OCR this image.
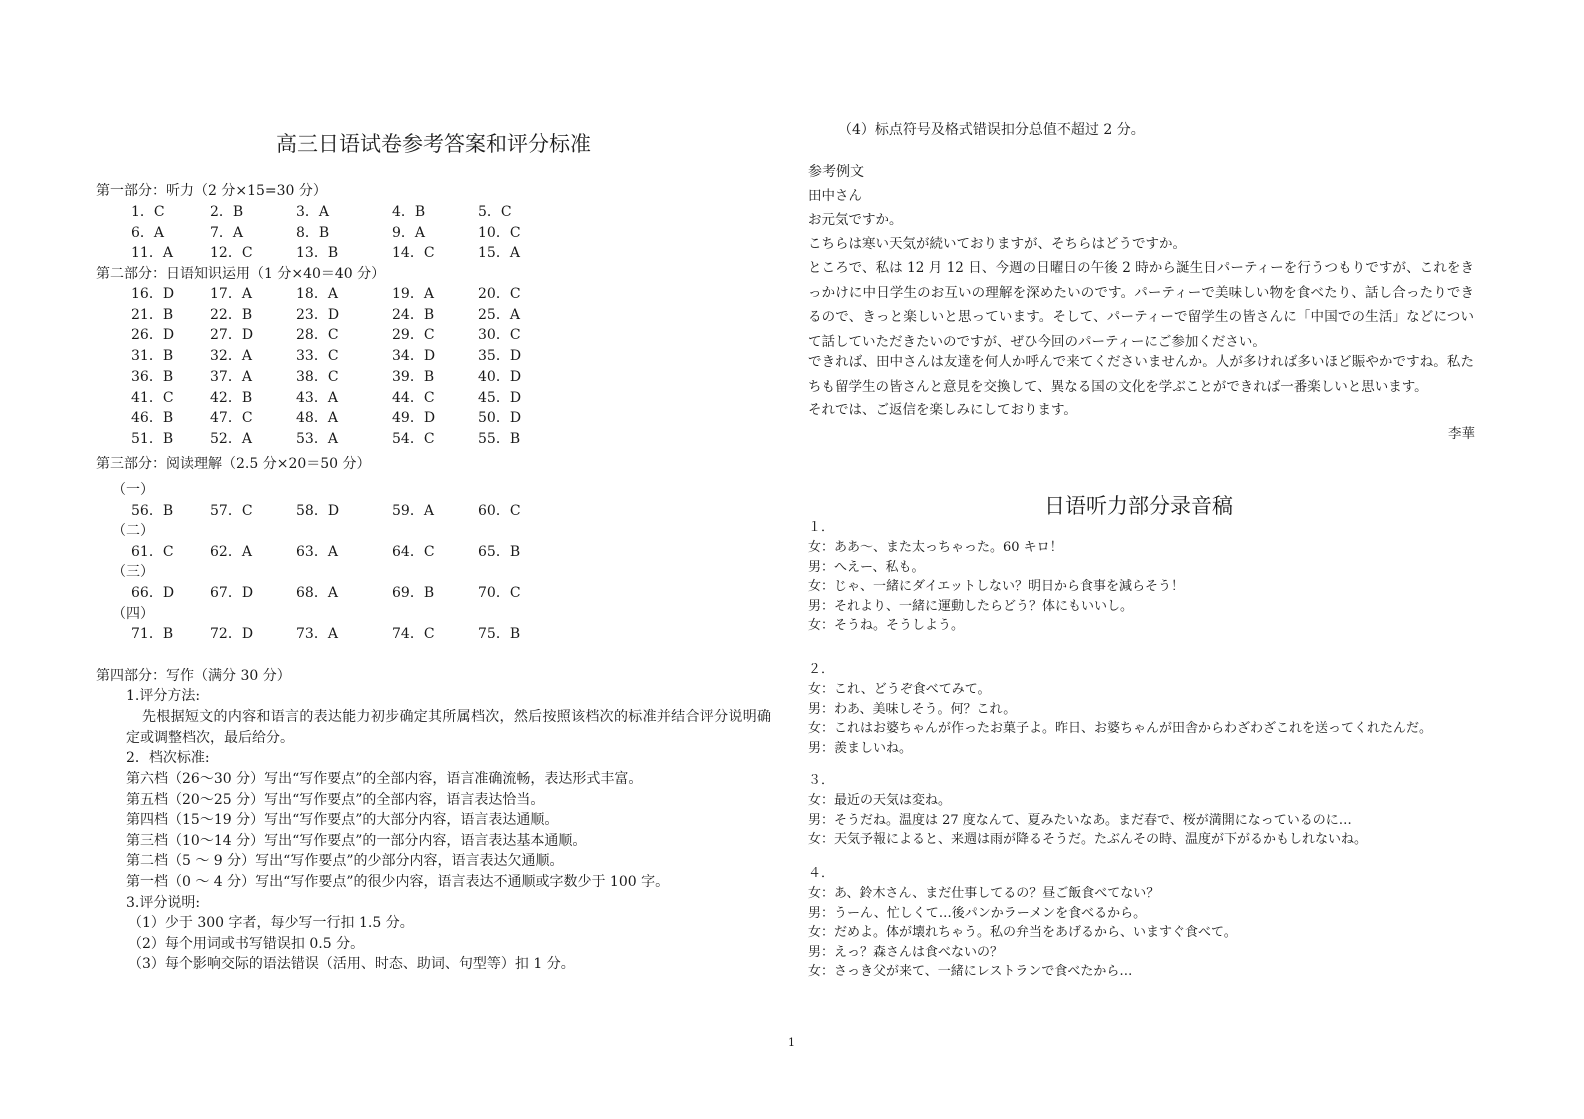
高三日语试卷参考答案和评分标准
第一部分：听力（2 分×15=30 分）
1．C	2．B	3．A	4．B	5．C
6．A	7．A	8．B	9．A	10．C
11．A	12．C	13．B	14．C	15．A
第二部分：日语知识运用（1 分×40＝40 分）
16．D	17．A	18．A	19．A	20．C
21．B	22．B	23．D	24．B	25．A
26．D	27．D	28．C	29．C	30．C
31．B	32．A	33．C	34．D	35．D
36．B	37．A	38．C	39．B	40．D
41．C	42．B	43．A	44．C	45．D
46．B	47．C	48．A	49．D	50．D
51．B	52．A	53．A	54．C	55．B
第三部分：阅读理解（2.5 分×20＝50 分）
（一）
56．B	57．C	58．D	59．A	60．C
（二）
61．C	62．A	63．A	64．C	65．B
（三）
66．D	67．D	68．A	69．B	70．C
（四）
71．B	72．D	73．A	74．C	75．B
第四部分：写作（满分 30 分）
1.评分方法:
先根据短文的内容和语言的表达能力初步确定其所属档次，然后按照该档次的标准并结合评分说明确定或调整档次，最后给分。
2．档次标准:
第六档（26～30 分）写出“写作要点”的全部内容，语言准确流畅，表达形式丰富。
第五档（20～25 分）写出“写作要点”的全部内容，语言表达恰当。
第四档（15～19 分）写出“写作要点”的大部分内容，语言表达通顺。
第三档（10～14 分）写出“写作要点”的一部分内容，语言表达基本通顺。
第二档（5 ～ 9 分）写出“写作要点”的少部分内容，语言表达欠通顺。
第一档（0 ～ 4 分）写出“写作要点”的很少内容，语言表达不通顺或字数少于 100 字。
3.评分说明:
（1）少于 300 字者，每少写一行扣 1.5 分。
（2）每个用词或书写错误扣 0.5 分。
（3）每个影响交际的语法错误（活用、时态、助词、句型等）扣 1 分。
（4）标点符号及格式错误扣分总值不超过 2 分。
参考例文
田中さん
お元気ですか。
こちらは寒い天気が続いておりますが、そちらはどうですか。
ところで、私は 12 月 12 日、今週の日曜日の午後 2 時から誕生日パーティーを行うつもりですが、これをきっかけに中日学生のお互いの理解を深めたいのです。パーティーで美味しい物を食べたり、話し合ったりできるので、きっと楽しいと思っています。そして、パーティーで留学生の皆さんに「中国での生活」などについて話していただきたいのですが、ぜひ今回のパーティーにご参加ください。
できれば、田中さんは友達を何人か呼んで来てくださいませんか。人が多ければ多いほど賑やかですね。私たちも留学生の皆さんと意見を交換して、異なる国の文化を学ぶことができれば一番楽しいと思います。
それでは、ご返信を楽しみにしております。
李華
日语听力部分录音稿
１．
女：ああ～、また太っちゃった。60 キロ！
男：へえー、私も。
女：じゃ、一緒にダイエットしない？明日から食事を減らそう！
男：それより、一緒に運動したらどう？体にもいいし。
女：そうね。そうしよう。
２．
女：これ、どうぞ食べてみて。
男：わあ、美味しそう。何？これ。
女：これはお婆ちゃんが作ったお菓子よ。昨日、お婆ちゃんが田舎からわざわざこれを送ってくれたんだ。
男：羨ましいね。
３．
女：最近の天気は変ね。
男：そうだね。温度は 27 度なんて、夏みたいなあ。まだ春で、桜が満開になっているのに…
女：天気予報によると、来週は雨が降るそうだ。たぶんその時、温度が下がるかもしれないね。
４．
女：あ、鈴木さん、まだ仕事してるの？昼ご飯食べてない？
男：うーん、忙しくて…後パンかラーメンを食べるから。
女：だめよ。体が壊れちゃう。私の弁当をあげるから、いますぐ食べて。
男：えっ？森さんは食べないの？
女：さっき父が来て、一緒にレストランで食べたから…
1
